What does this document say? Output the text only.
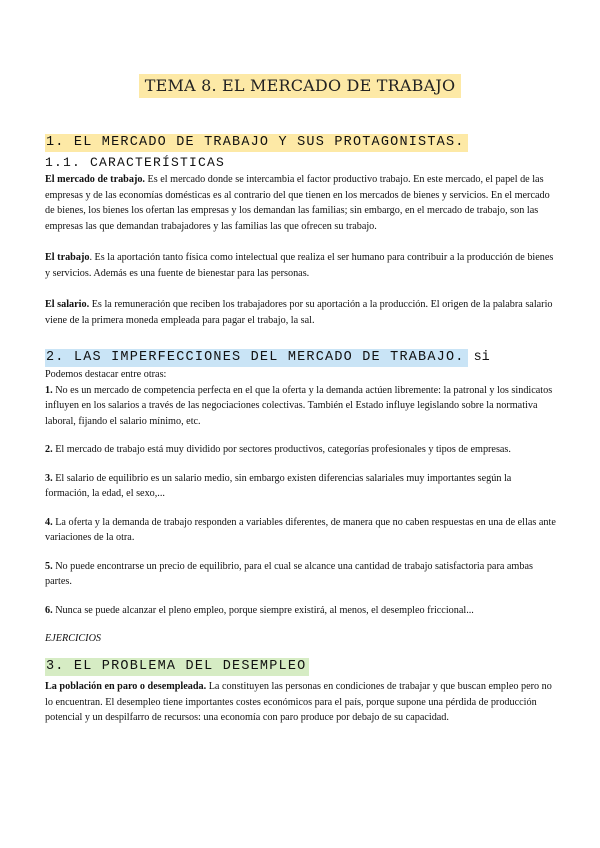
TEMA 8. EL MERCADO DE TRABAJO
1. EL MERCADO DE TRABAJO Y SUS PROTAGONISTAS.
1.1. CARACTERÍSTICAS

El mercado de trabajo. Es el mercado donde se intercambia el factor productivo trabajo. En este mercado, el papel de las empresas y de las economías domésticas es al contrario del que tienen en los mercados de bienes y servicios. En el mercado de bienes, los bienes los ofertan las empresas y los demandan las familias; sin embargo, en el mercado de trabajo, son las empresas las que demandan trabajadores y las familias las que ofrecen su trabajo.

El trabajo. Es la aportación tanto física como intelectual que realiza el ser humano para contribuir a la producción de bienes y servicios. Además es una fuente de bienestar para las personas.

El salario. Es la remuneración que reciben los trabajadores por su aportación a la producción. El origen de la palabra salario viene de la primera moneda empleada para pagar el trabajo, la sal.

2. LAS IMPERFECCIONES DEL MERCADO DE TRABAJO. si

Podemos destacar entre otras:

1. No es un mercado de competencia perfecta en el que la oferta y la demanda actúen libremente: la patronal y los sindicatos influyen en los salarios a través de las negociaciones colectivas. También el Estado influye legislando sobre la normativa laboral, fijando el salario mínimo, etc.

2. El mercado de trabajo está muy dividido por sectores productivos, categorías profesionales y tipos de empresas.

3. El salario de equilibrio es un salario medio, sin embargo existen diferencias salariales muy importantes según la formación, la edad, el sexo,...

4. La oferta y la demanda de trabajo responden a variables diferentes, de manera que no caben respuestas en una de ellas ante variaciones de la otra.

5. No puede encontrarse un precio de equilibrio, para el cual se alcance una cantidad de trabajo satisfactoria para ambas partes.

6. Nunca se puede alcanzar el pleno empleo, porque siempre existirá, al menos, el desempleo friccional...

EJERCICIOS

3. EL PROBLEMA DEL DESEMPLEO

La población en paro o desempleada. La constituyen las personas en condiciones de trabajar y que buscan empleo pero no lo encuentran. El desempleo tiene importantes costes económicos para el país, porque supone una pérdida de producción potencial y un despilfarro de recursos: una economía con paro produce por debajo de su capacidad.
